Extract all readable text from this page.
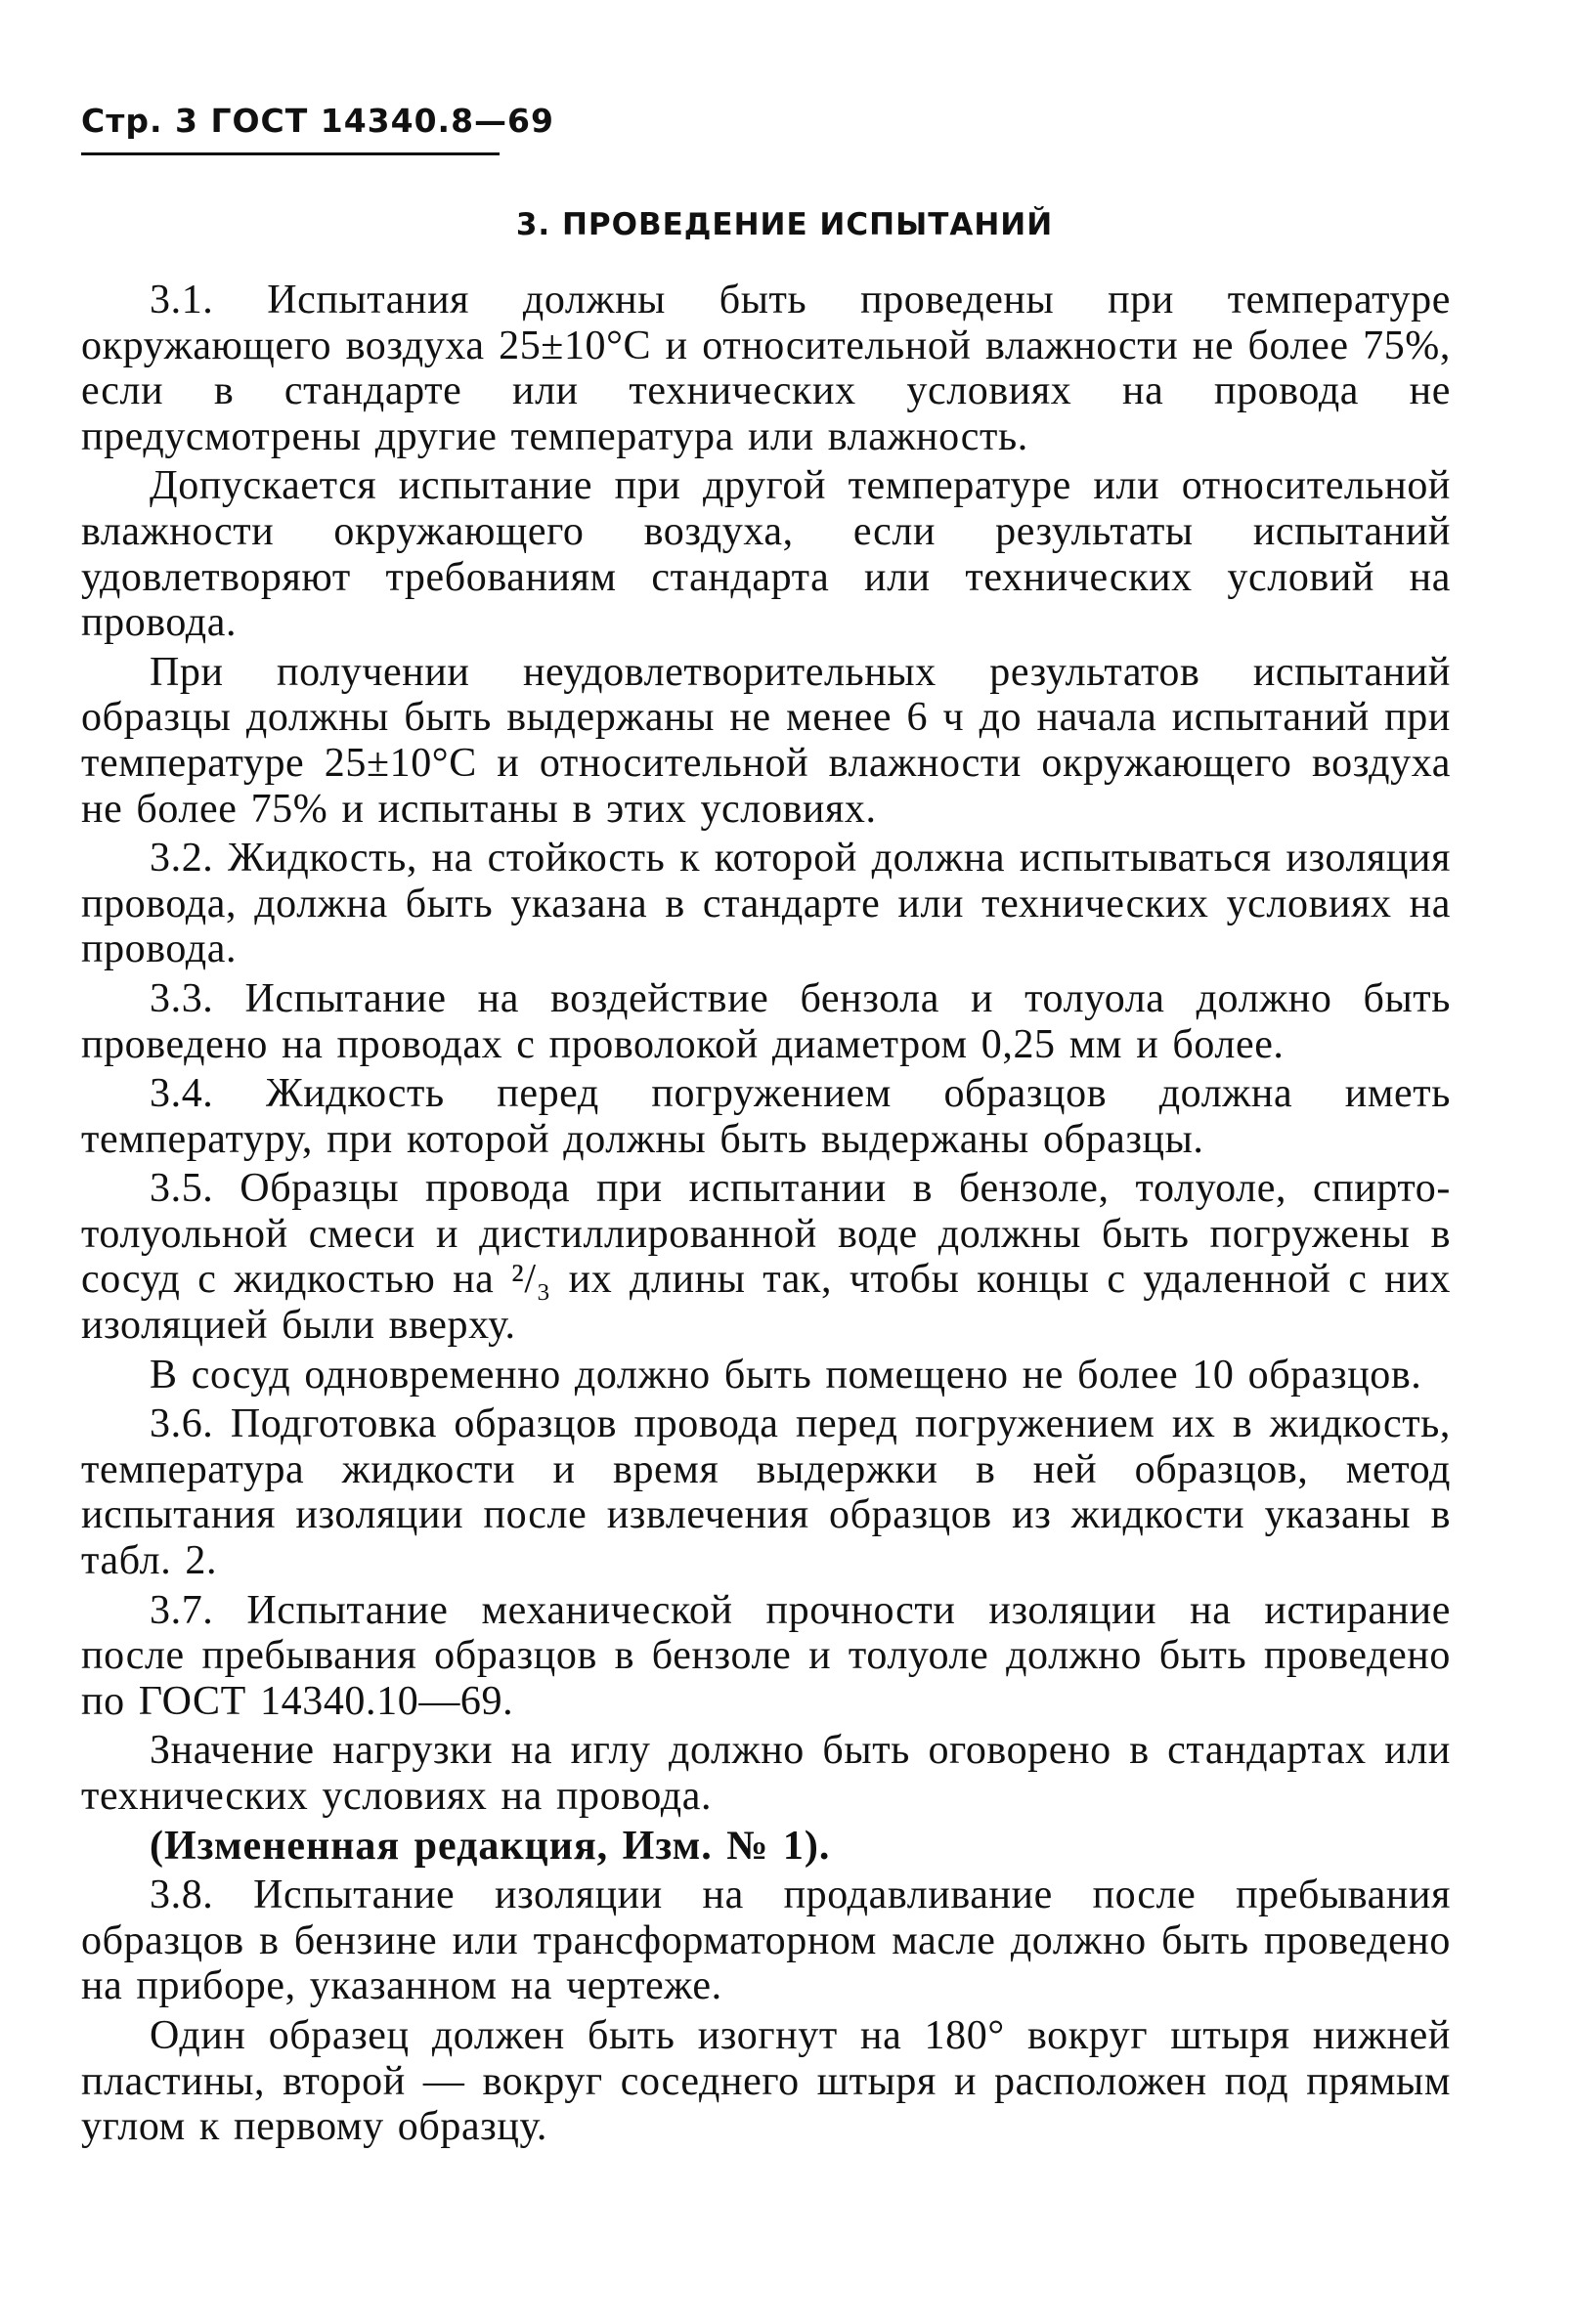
Стр. 3 ГОСТ 14340.8—69
3. ПРОВЕДЕНИЕ ИСПЫТАНИЙ

3.1. Испытания должны быть проведены при температуре окружающего воздуха 25±10°С и относительной влажности не более 75%, если в стандарте или технических условиях на провода не предусмотрены другие температура или влажность.

Допускается испытание при другой температуре или относительной влажности окружающего воздуха, если результаты испытаний удовлетворяют требованиям стандарта или технических условий на провода.

При получении неудовлетворительных результатов испытаний образцы должны быть выдержаны не менее 6 ч до начала испытаний при температуре 25±10°С и относительной влажности окружающего воздуха не более 75% и испытаны в этих условиях.

3.2. Жидкость, на стойкость к которой должна испытываться изоляция провода, должна быть указана в стандарте или технических условиях на провода.

3.3. Испытание на воздействие бензола и толуола должно быть проведено на проводах с проволокой диаметром 0,25 мм и более.

3.4. Жидкость перед погружением образцов должна иметь температуру, при которой должны быть выдержаны образцы.

3.5. Образцы провода при испытании в бензоле, толуоле, спирто-толуольной смеси и дистиллированной воде должны быть погружены в сосуд с жидкостью на ²/₃ их длины так, чтобы концы с удаленной с них изоляцией были вверху.

В сосуд одновременно должно быть помещено не более 10 образцов.

3.6. Подготовка образцов провода перед погружением их в жидкость, температура жидкости и время выдержки в ней образцов, метод испытания изоляции после извлечения образцов из жидкости указаны в табл. 2.

3.7. Испытание механической прочности изоляции на истирание после пребывания образцов в бензоле и толуоле должно быть проведено по ГОСТ 14340.10—69.

Значение нагрузки на иглу должно быть оговорено в стандартах или технических условиях на провода.

(Измененная редакция, Изм. № 1).

3.8. Испытание изоляции на продавливание после пребывания образцов в бензине или трансформаторном масле должно быть проведено на приборе, указанном на чертеже.

Один образец должен быть изогнут на 180° вокруг штыря нижней пластины, второй — вокруг соседнего штыря и расположен под прямым углом к первому образцу.
